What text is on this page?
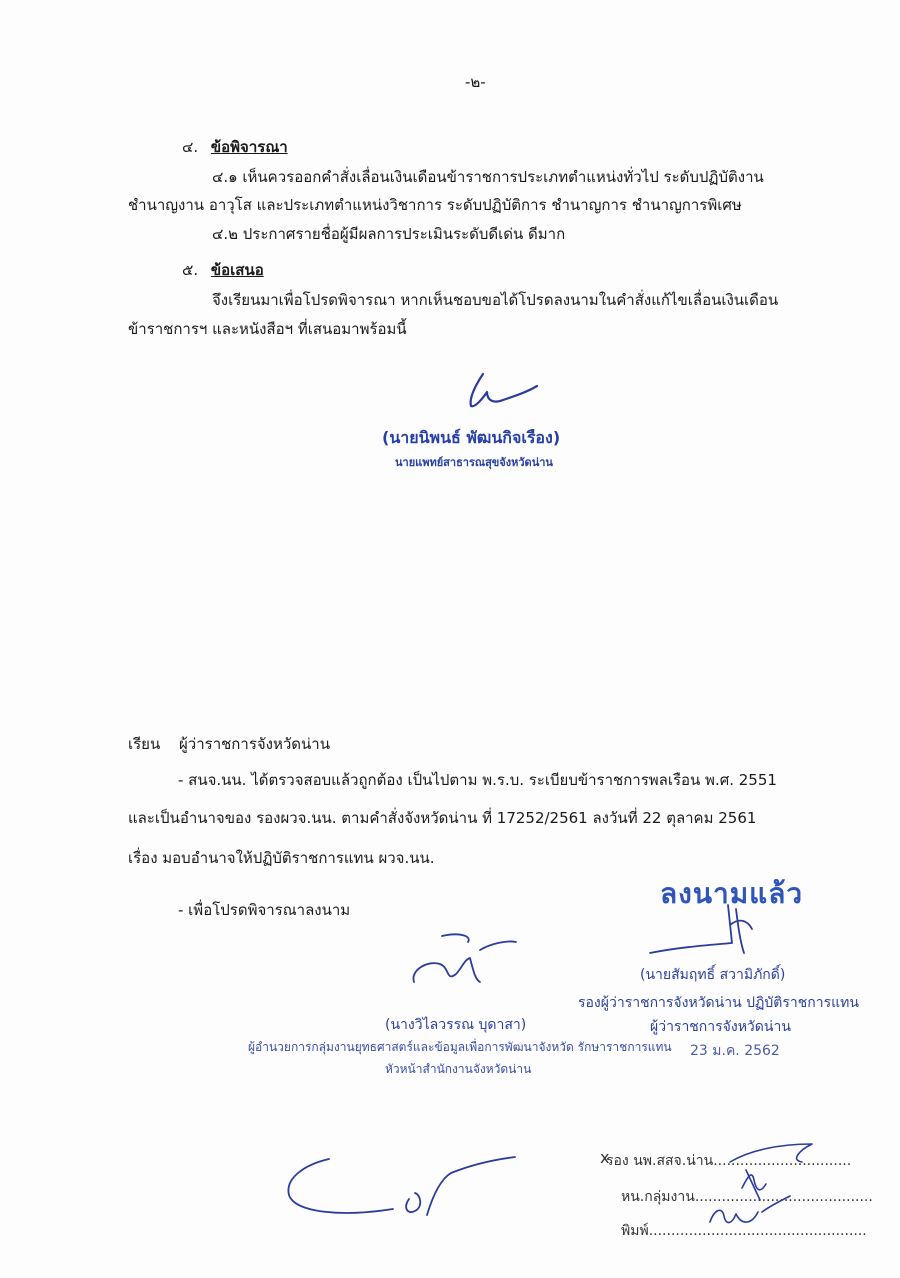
-๒-
๔. ข้อพิจารณา
๔.๑ เห็นควรออกคำสั่งเลื่อนเงินเดือนข้าราชการประเภทตำแหน่งทั่วไป ระดับปฏิบัติงาน
ชำนาญงาน อาวุโส และประเภทตำแหน่งวิชาการ ระดับปฏิบัติการ ชำนาญการ ชำนาญการพิเศษ
๔.๒ ประกาศรายชื่อผู้มีผลการประเมินระดับดีเด่น ดีมาก
๕. ข้อเสนอ
จึงเรียนมาเพื่อโปรดพิจารณา หากเห็นชอบขอได้โปรดลงนามในคำสั่งแก้ไขเลื่อนเงินเดือน
ข้าราชการฯ และหนังสือฯ ที่เสนอมาพร้อมนี้
(นายนิพนธ์ พัฒนกิจเรือง)
นายแพทย์สาธารณสุขจังหวัดน่าน
เรียน ผู้ว่าราชการจังหวัดน่าน
- สนจ.นน. ได้ตรวจสอบแล้วถูกต้อง เป็นไปตาม พ.ร.บ. ระเบียบข้าราชการพลเรือน พ.ศ. 2551
และเป็นอำนาจของ รองผวจ.นน. ตามคำสั่งจังหวัดน่าน ที่ 17252/2561 ลงวันที่ 22 ตุลาคม 2561
เรื่อง มอบอำนาจให้ปฏิบัติราชการแทน ผวจ.นน.
- เพื่อโปรดพิจารณาลงนาม	ลงนามแล้ว
(นายสัมฤทธิ์ สวามิภักดิ์)
รองผู้ว่าราชการจังหวัดน่าน ปฏิบัติราชการแทน
ผู้ว่าราชการจังหวัดน่าน
23 ม.ค. 2562
(นางวิไลวรรณ บุดาสา)
ผู้อำนวยการกลุ่มงานยุทธศาสตร์และข้อมูลเพื่อการพัฒนาจังหวัด รักษาราชการแทน
หัวหน้าสำนักงานจังหวัดน่าน
x
รอง นพ.สสจ.น่าน...............................
หน.กลุ่มงาน........................................
พิมพ์.................................................
